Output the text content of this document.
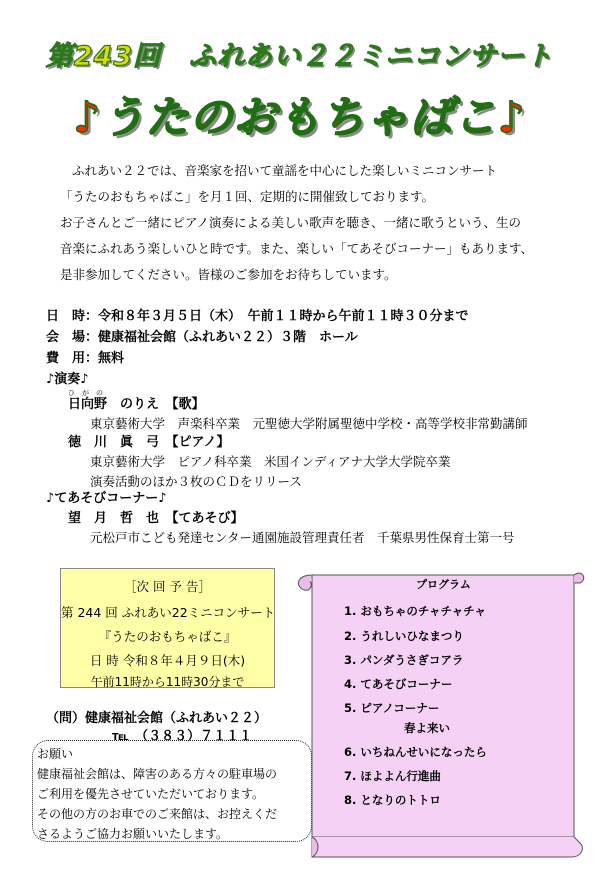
第243回　ふれあい２２ミニコンサート
♪うたのおもちゃばこ♪

ふれあい２２では、音楽家を招いて童謡を中心にした楽しいミニコンサート

「うたのおもちゃばこ」を月１回、定期的に開催致しております。

お子さんとご一緒にピアノ演奏による美しい歌声を聴き、一緒に歌うという、生の

音楽にふれあう楽しいひと時です。また、楽しい「てあそびコーナー」もあります、

是非参加してください。皆様のご参加をお待ちしています。

日　時：令和８年３月５日（木）　午前１１時から午前１１時３０分まで
会　場：健康福祉会館（ふれあい２２）３階　ホール
費　用：無料
♪演奏♪
ひ　が　の
日向野　のりえ　【歌】
東京藝術大学　声楽科卒業　元聖徳大学附属聖徳中学校・高等学校非常勤講師
徳　川　眞　弓　【ピアノ】
東京藝術大学　ピアノ科卒業　米国インディアナ大学大学院卒業
演奏活動のほか３枚のＣＤをリリース
♪てあそびコーナー♪
望　月　哲　也　【てあそび】
元松戸市こども発達センター通園施設管理責任者　千葉県男性保育士第一号
［次 回 予 告］
第 244 回 ふれあい22ミニコンサート
『うたのおもちゃばこ』
日 時 令和８年４月９日(木)
午前11時から11時30分まで
（問）健康福祉会館（ふれあい２２）
℡　（３８３）７１１１
お願い
健康福祉会館は、障害のある方々の駐車場の
ご利用を優先させていただいております。
その他の方のお車でのご来館は、お控えくだ
さるようご協力お願いいたします。
プログラム
1. おもちゃのチャチャチャ
2. うれしいひなまつり
3. パンダうさぎコアラ
4. てあそびコーナー
5. ピアノコーナー
春よ来い
6. いちねんせいになったら
7. ほよよん行進曲
8. となりのトトロ
